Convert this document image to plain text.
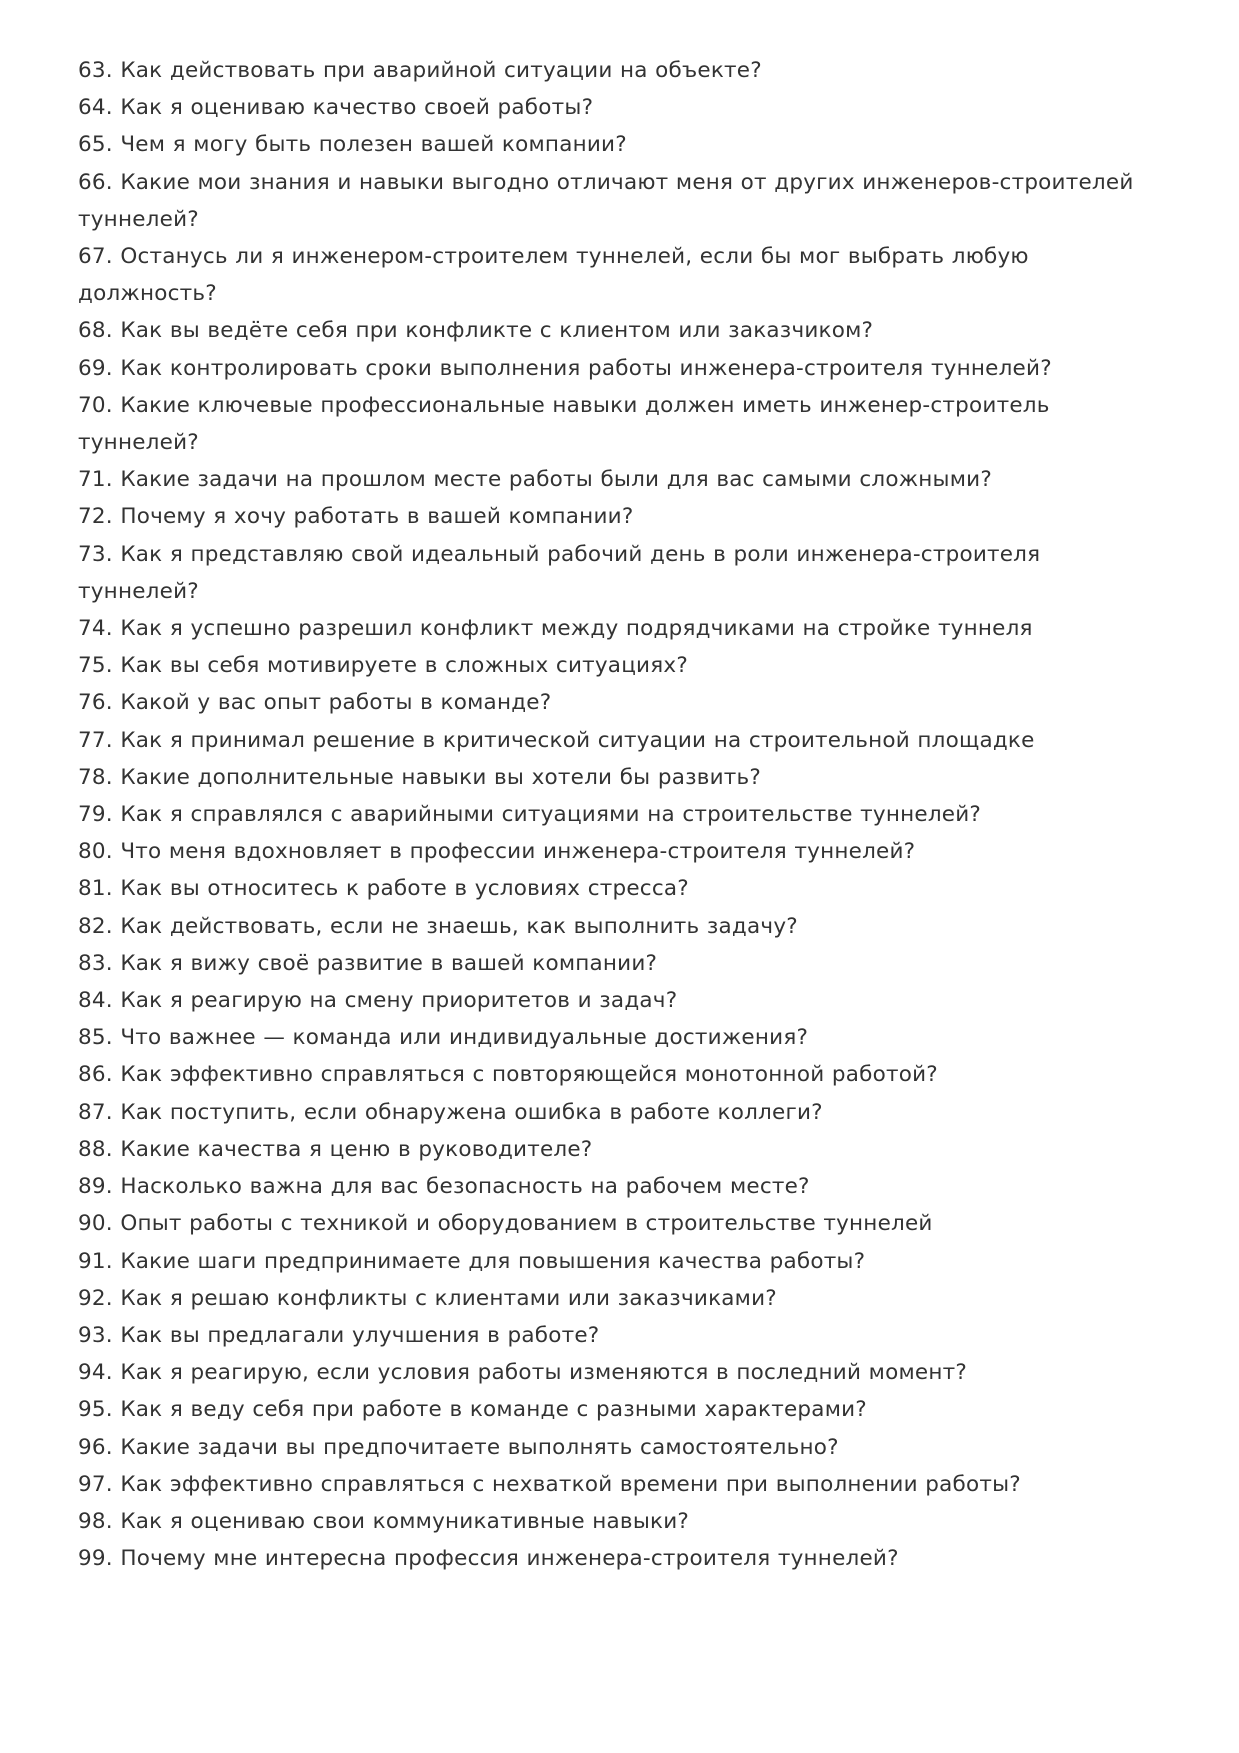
63. Как действовать при аварийной ситуации на объекте?
64. Как я оцениваю качество своей работы?
65. Чем я могу быть полезен вашей компании?
66. Какие мои знания и навыки выгодно отличают меня от других инженеров-строителей туннелей?
67. Останусь ли я инженером-строителем туннелей, если бы мог выбрать любую должность?
68. Как вы ведёте себя при конфликте с клиентом или заказчиком?
69. Как контролировать сроки выполнения работы инженера-строителя туннелей?
70. Какие ключевые профессиональные навыки должен иметь инженер-строитель туннелей?
71. Какие задачи на прошлом месте работы были для вас самыми сложными?
72. Почему я хочу работать в вашей компании?
73. Как я представляю свой идеальный рабочий день в роли инженера-строителя туннелей?
74. Как я успешно разрешил конфликт между подрядчиками на стройке туннеля
75. Как вы себя мотивируете в сложных ситуациях?
76. Какой у вас опыт работы в команде?
77. Как я принимал решение в критической ситуации на строительной площадке
78. Какие дополнительные навыки вы хотели бы развить?
79. Как я справлялся с аварийными ситуациями на строительстве туннелей?
80. Что меня вдохновляет в профессии инженера-строителя туннелей?
81. Как вы относитесь к работе в условиях стресса?
82. Как действовать, если не знаешь, как выполнить задачу?
83. Как я вижу своё развитие в вашей компании?
84. Как я реагирую на смену приоритетов и задач?
85. Что важнее — команда или индивидуальные достижения?
86. Как эффективно справляться с повторяющейся монотонной работой?
87. Как поступить, если обнаружена ошибка в работе коллеги?
88. Какие качества я ценю в руководителе?
89. Насколько важна для вас безопасность на рабочем месте?
90. Опыт работы с техникой и оборудованием в строительстве туннелей
91. Какие шаги предпринимаете для повышения качества работы?
92. Как я решаю конфликты с клиентами или заказчиками?
93. Как вы предлагали улучшения в работе?
94. Как я реагирую, если условия работы изменяются в последний момент?
95. Как я веду себя при работе в команде с разными характерами?
96. Какие задачи вы предпочитаете выполнять самостоятельно?
97. Как эффективно справляться с нехваткой времени при выполнении работы?
98. Как я оцениваю свои коммуникативные навыки?
99. Почему мне интересна профессия инженера-строителя туннелей?
